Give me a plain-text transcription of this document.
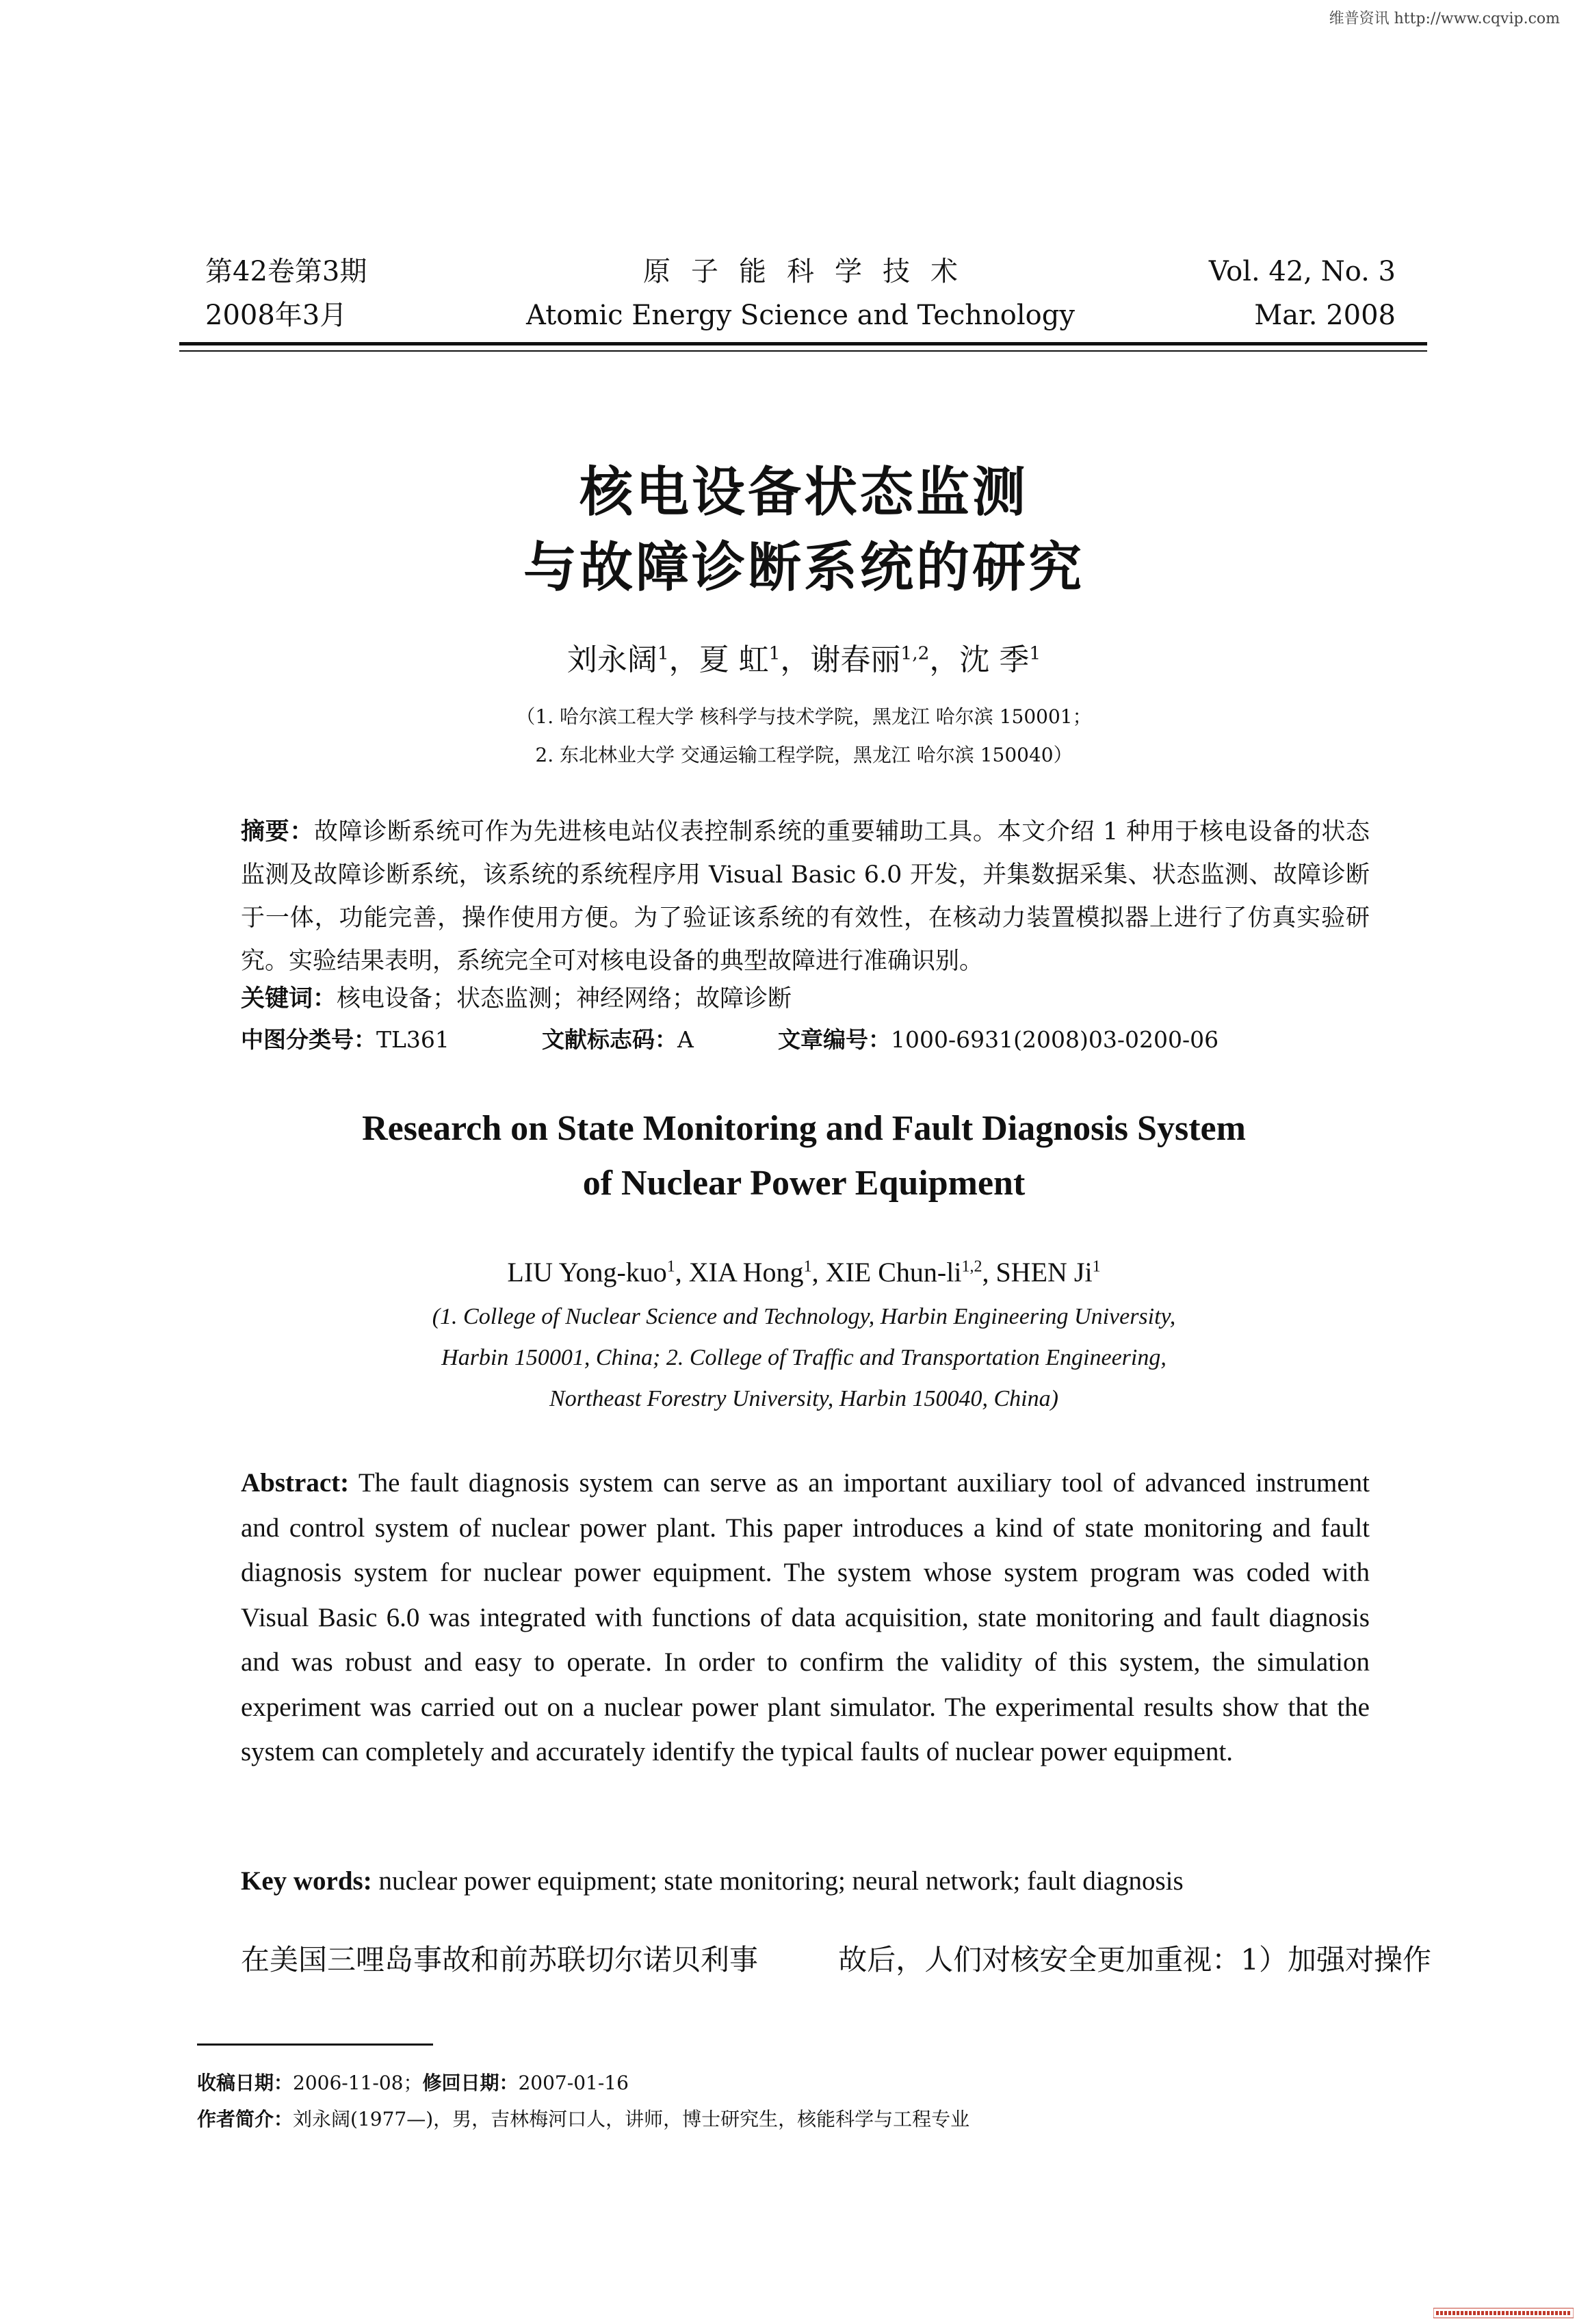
维普资讯 http://www.cqvip.com
第42卷第3期
2008年3月
原子能科学技术
Atomic Energy Science and Technology
Vol. 42, No. 3
Mar. 2008
核电设备状态监测
与故障诊断系统的研究
刘永阔$^1$，夏 虹$^1$，谢春丽$^{1,2}$，沈 季$^1$
（1. 哈尔滨工程大学 核科学与技术学院，黑龙江 哈尔滨 150001；
2. 东北林业大学 交通运输工程学院，黑龙江 哈尔滨 150040）
摘要：故障诊断系统可作为先进核电站仪表控制系统的重要辅助工具。本文介绍 1 种用于核电设备的状态监测及故障诊断系统，该系统的系统程序用 Visual Basic 6.0 开发，并集数据采集、状态监测、故障诊断于一体，功能完善，操作使用方便。为了验证该系统的有效性，在核动力装置模拟器上进行了仿真实验研究。实验结果表明，系统完全可对核电设备的典型故障进行准确识别。
关键词：核电设备；状态监测；神经网络；故障诊断
中图分类号：TL361	文献标志码：A	文章编号：1000-6931(2008)03-0200-06
Research on State Monitoring and Fault Diagnosis System
of Nuclear Power Equipment
LIU Yong-kuo$^1$, XIA Hong$^1$, XIE Chun-li$^{1,2}$, SHEN Ji$^1$
(1. College of Nuclear Science and Technology, Harbin Engineering University,
Harbin 150001, China; 2. College of Traffic and Transportation Engineering,
Northeast Forestry University, Harbin 150040, China)
Abstract: The fault diagnosis system can serve as an important auxiliary tool of advanced instrument and control system of nuclear power plant. This paper introduces a kind of state monitoring and fault diagnosis system for nuclear power equipment. The system whose system program was coded with Visual Basic 6.0 was integrated with functions of data acquisition, state monitoring and fault diagnosis and was robust and easy to operate. In order to confirm the validity of this system, the simulation experiment was carried out on a nuclear power plant simulator. The experimental results show that the system can completely and accurately identify the typical faults of nuclear power equipment.
Key words: nuclear power equipment; state monitoring; neural network; fault diagnosis
在美国三哩岛事故和前苏联切尔诺贝利事	故后，人们对核安全更加重视：1）加强对操作
收稿日期：2006-11-08；修回日期：2007-01-16
作者简介：刘永阔(1977—)，男，吉林梅河口人，讲师，博士研究生，核能科学与工程专业
